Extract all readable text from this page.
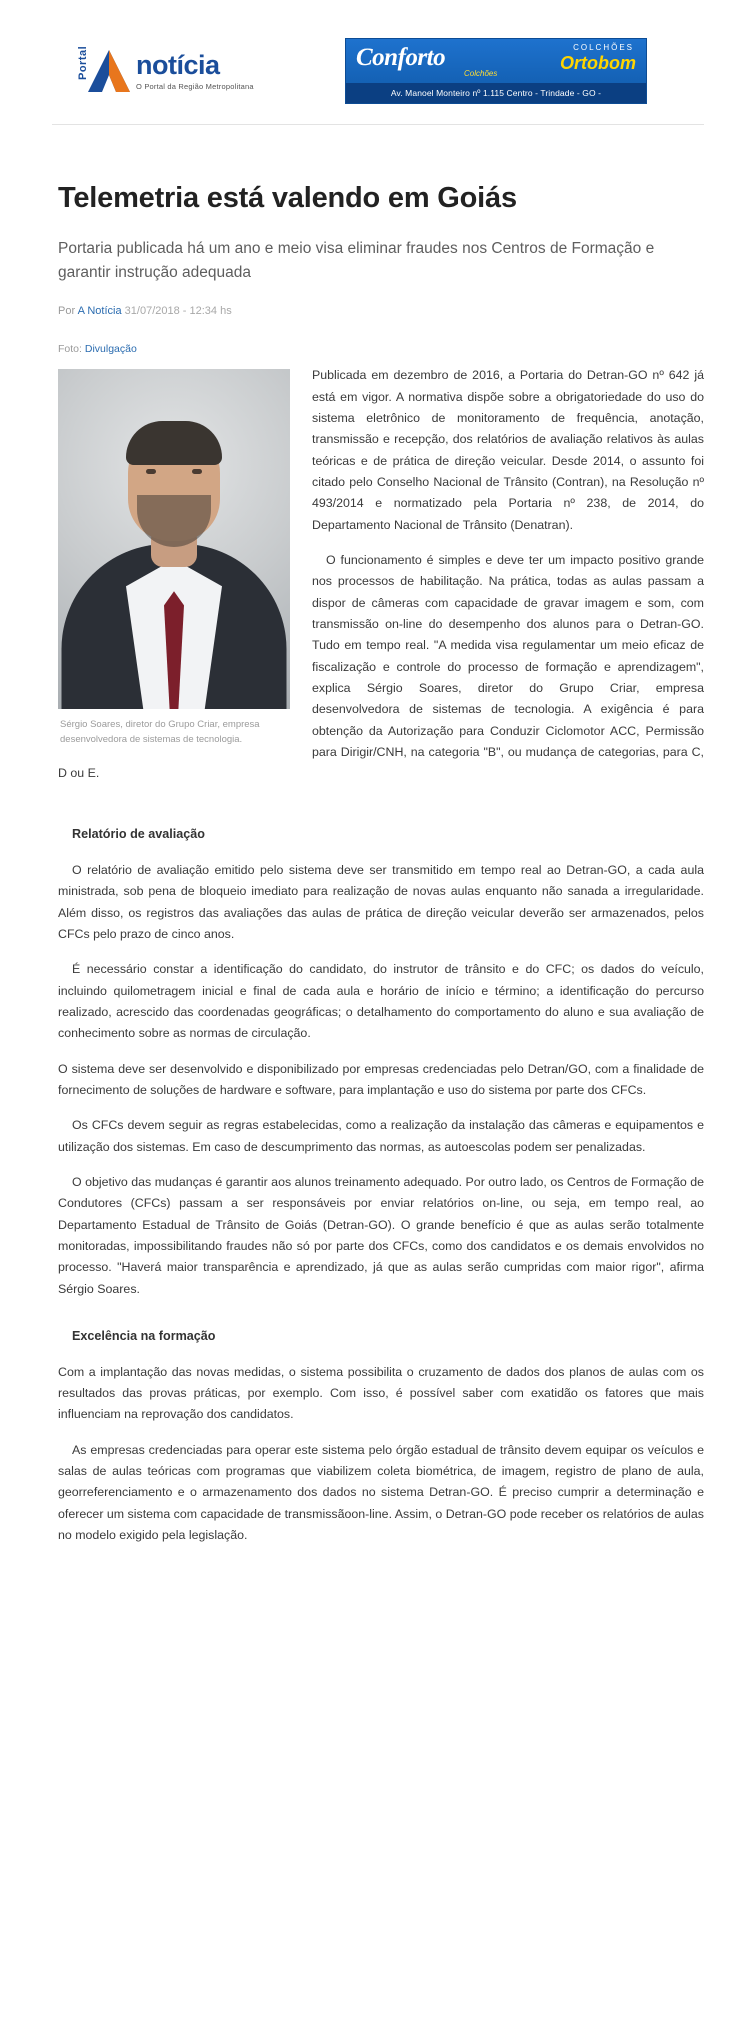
Portal notícia
O Portal da Região Metropolitana
Conforto
Colchões
COLCHÕES
Ortobom
Av. Manoel Monteiro nº 1.115 Centro - Trindade - GO -
Telemetria está valendo em Goiás
Portaria publicada há um ano e meio visa eliminar fraudes nos Centros de Formação e garantir instrução adequada
Por A Notícia 31/07/2018 - 12:34 hs
Foto: Divulgação
Sérgio Soares, diretor do Grupo Criar, empresa desenvolvedora de sistemas de tecnologia.

Publicada em dezembro de 2016, a Portaria do Detran-GO nº 642 já está em vigor. A normativa dispõe sobre a obrigatoriedade do uso do sistema eletrônico de monitoramento de frequência, anotação, transmissão e recepção, dos relatórios de avaliação relativos às aulas teóricas e de prática de direção veicular. Desde 2014, o assunto foi citado pelo Conselho Nacional de Trânsito (Contran), na Resolução nº 493/2014 e normatizado pela Portaria nº 238, de 2014, do Departamento Nacional de Trânsito (Denatran).

O funcionamento é simples e deve ter um impacto positivo grande nos processos de habilitação. Na prática, todas as aulas passam a dispor de câmeras com capacidade de gravar imagem e som, com transmissão on-line do desempenho dos alunos para o Detran-GO. Tudo em tempo real. "A medida visa regulamentar um meio eficaz de fiscalização e controle do processo de formação e aprendizagem", explica Sérgio Soares, diretor do Grupo Criar, empresa desenvolvedora de sistemas de tecnologia. A exigência é para obtenção da Autorização para Conduzir Ciclomotor ACC, Permissão para Dirigir/CNH, na categoria "B", ou mudança de categorias, para C, D ou E.

Relatório de avaliação

O relatório de avaliação emitido pelo sistema deve ser transmitido em tempo real ao Detran-GO, a cada aula ministrada, sob pena de bloqueio imediato para realização de novas aulas enquanto não sanada a irregularidade. Além disso, os registros das avaliações das aulas de prática de direção veicular deverão ser armazenados, pelos CFCs pelo prazo de cinco anos.

É necessário constar a identificação do candidato, do instrutor de trânsito e do CFC; os dados do veículo, incluindo quilometragem inicial e final de cada aula e horário de início e término; a identificação do percurso realizado, acrescido das coordenadas geográficas; o detalhamento do comportamento do aluno e sua avaliação de conhecimento sobre as normas de circulação.

O sistema deve ser desenvolvido e disponibilizado por empresas credenciadas pelo Detran/GO, com a finalidade de fornecimento de soluções de hardware e software, para implantação e uso do sistema por parte dos CFCs.

Os CFCs devem seguir as regras estabelecidas, como a realização da instalação das câmeras e equipamentos e utilização dos sistemas. Em caso de descumprimento das normas, as autoescolas podem ser penalizadas.

O objetivo das mudanças é garantir aos alunos treinamento adequado. Por outro lado, os Centros de Formação de Condutores (CFCs) passam a ser responsáveis por enviar relatórios on-line, ou seja, em tempo real, ao Departamento Estadual de Trânsito de Goiás (Detran-GO). O grande benefício é que as aulas serão totalmente monitoradas, impossibilitando fraudes não só por parte dos CFCs, como dos candidatos e os demais envolvidos no processo. "Haverá maior transparência e aprendizado, já que as aulas serão cumpridas com maior rigor", afirma Sérgio Soares.

Excelência na formação

Com a implantação das novas medidas, o sistema possibilita o cruzamento de dados dos planos de aulas com os resultados das provas práticas, por exemplo. Com isso, é possível saber com exatidão os fatores que mais influenciam na reprovação dos candidatos.

As empresas credenciadas para operar este sistema pelo órgão estadual de trânsito devem equipar os veículos e salas de aulas teóricas com programas que viabilizem coleta biométrica, de imagem, registro de plano de aula, georreferenciamento e o armazenamento dos dados no sistema Detran-GO. É preciso cumprir a determinação e oferecer um sistema com capacidade de transmissãoon-line. Assim, o Detran-GO pode receber os relatórios de aulas no modelo exigido pela legislação.
